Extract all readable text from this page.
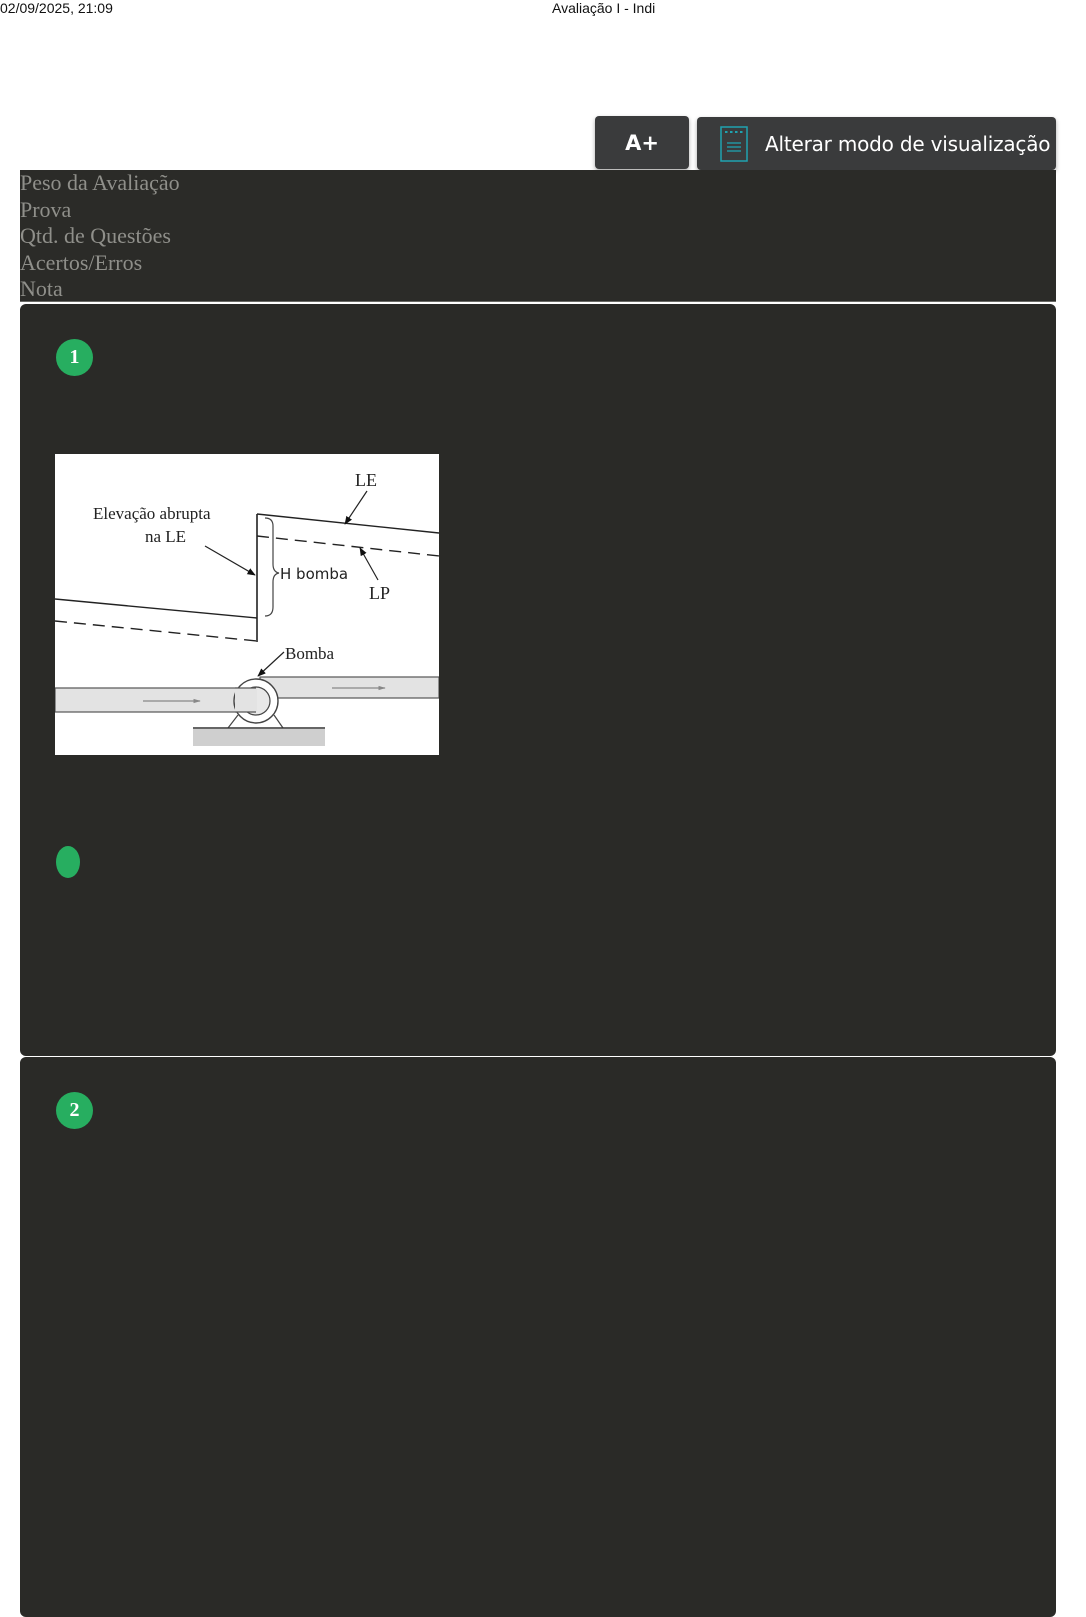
02/09/2025, 21:09	Avaliação I - Indi
A+	Alterar modo de visualização
Peso da Avaliação
Prova
Qtd. de Questões
Acertos/Erros
Nota
1
LE
Elevação abrupta
na LE
H bomba
LP
Bomba
2
